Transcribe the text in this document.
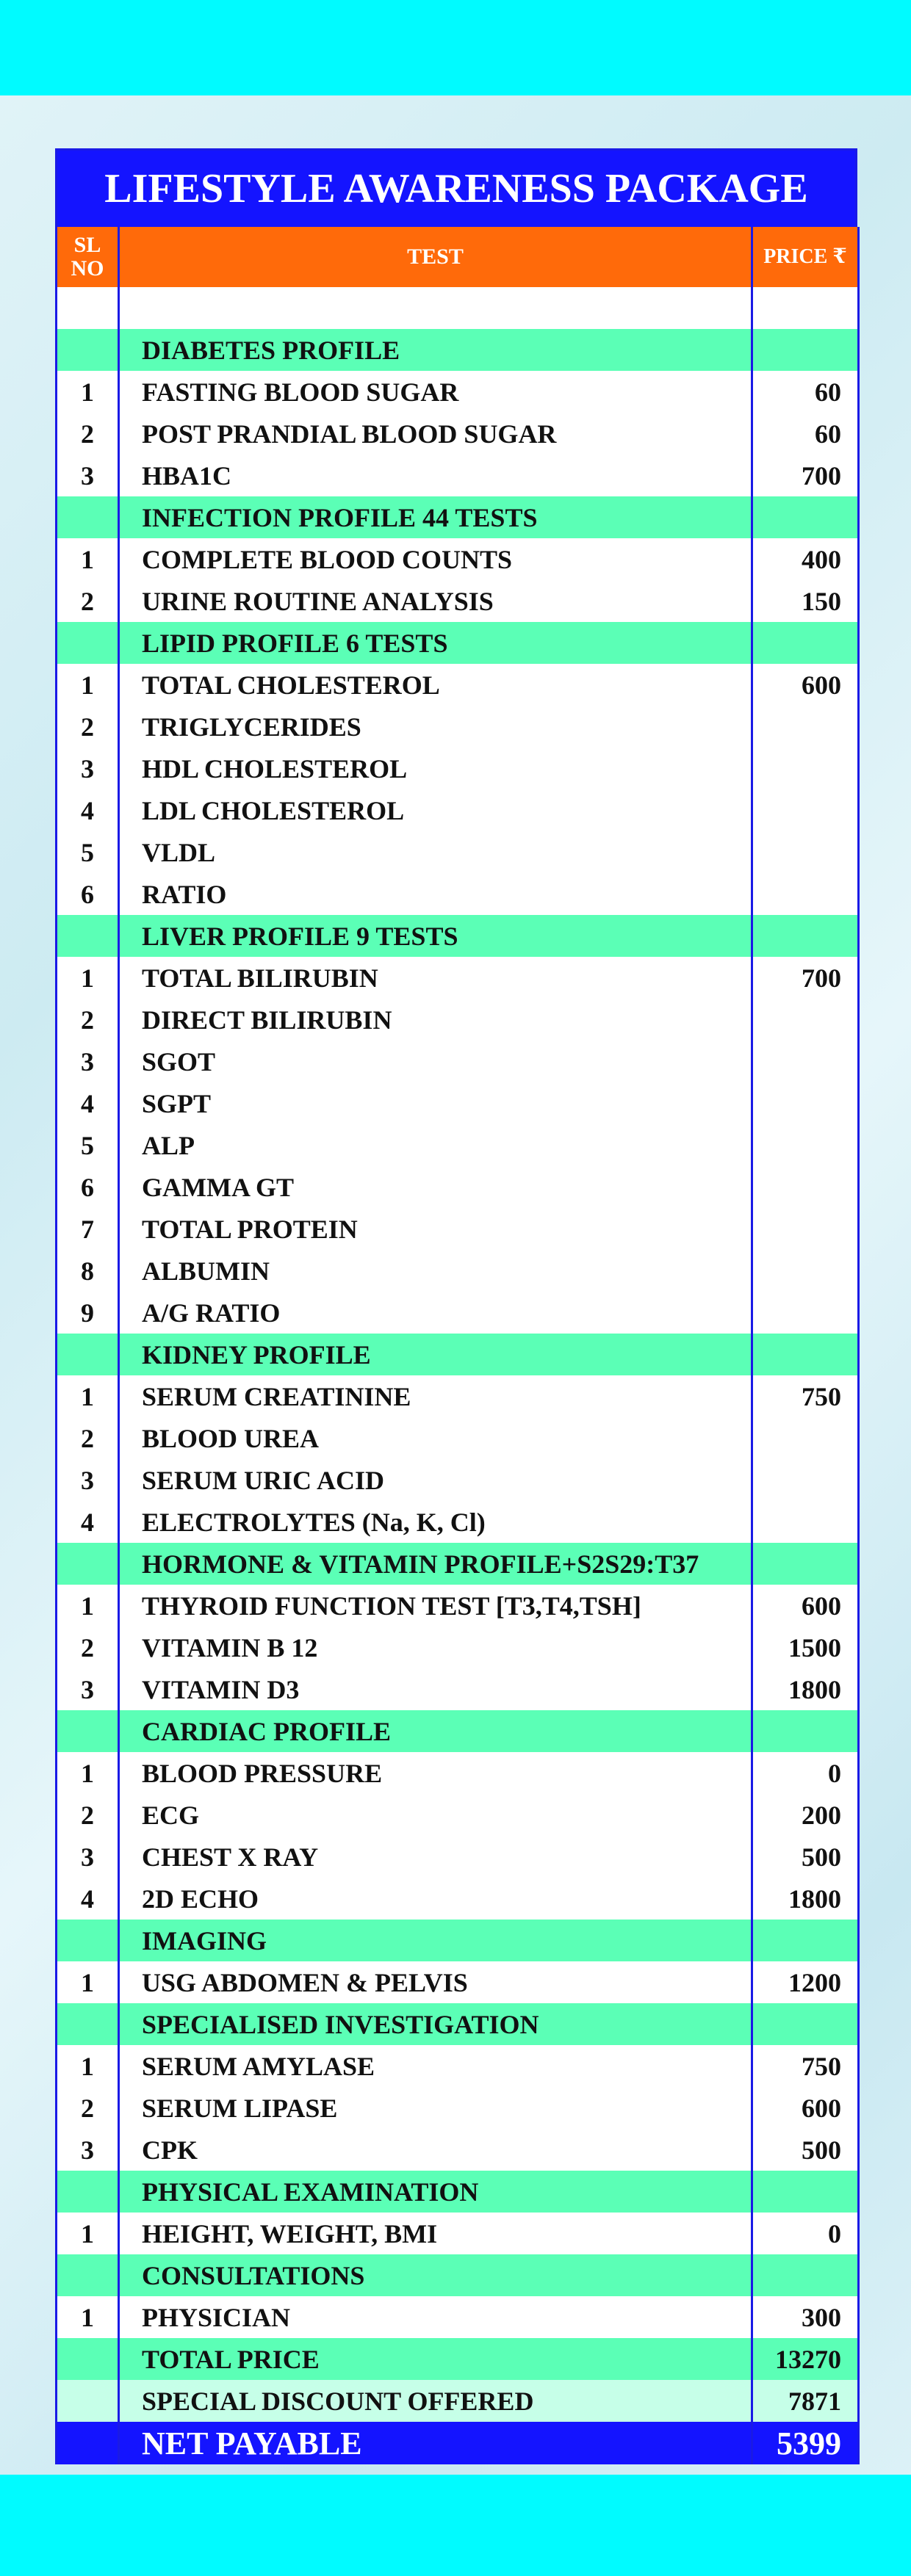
LIFESTYLE AWARENESS PACKAGE
SL
NO	TEST	PRICE ₹

	DIABETES PROFILE	
1	FASTING BLOOD SUGAR	60
2	POST PRANDIAL BLOOD SUGAR	60
3	HBA1C	700
	INFECTION PROFILE 44 TESTS	
1	COMPLETE BLOOD COUNTS	400
2	URINE ROUTINE ANALYSIS	150
	LIPID PROFILE 6 TESTS	
1	TOTAL CHOLESTEROL	600
2	TRIGLYCERIDES	
3	HDL CHOLESTEROL	
4	LDL CHOLESTEROL	
5	VLDL	
6	RATIO	
	LIVER PROFILE 9 TESTS	
1	TOTAL BILIRUBIN	700
2	DIRECT BILIRUBIN	
3	SGOT	
4	SGPT	
5	ALP	
6	GAMMA GT	
7	TOTAL PROTEIN	
8	ALBUMIN	
9	A/G RATIO	
	KIDNEY PROFILE	
1	SERUM CREATININE	750
2	BLOOD UREA	
3	SERUM URIC ACID	
4	ELECTROLYTES (Na, K, Cl)	
	HORMONE & VITAMIN PROFILE+S2S29:T37	
1	THYROID FUNCTION TEST [T3,T4,TSH]	600
2	VITAMIN B 12	1500
3	VITAMIN D3	1800
	CARDIAC PROFILE	
1	BLOOD PRESSURE	0
2	ECG	200
3	CHEST X RAY	500
4	2D ECHO	1800
	IMAGING	
1	USG ABDOMEN & PELVIS	1200
	SPECIALISED INVESTIGATION	
1	SERUM AMYLASE	750
2	SERUM LIPASE	600
3	CPK	500
	PHYSICAL EXAMINATION	
1	HEIGHT, WEIGHT, BMI	0
	CONSULTATIONS	
1	PHYSICIAN	300
	TOTAL PRICE	13270
	SPECIAL DISCOUNT OFFERED	7871
	NET PAYABLE	5399
